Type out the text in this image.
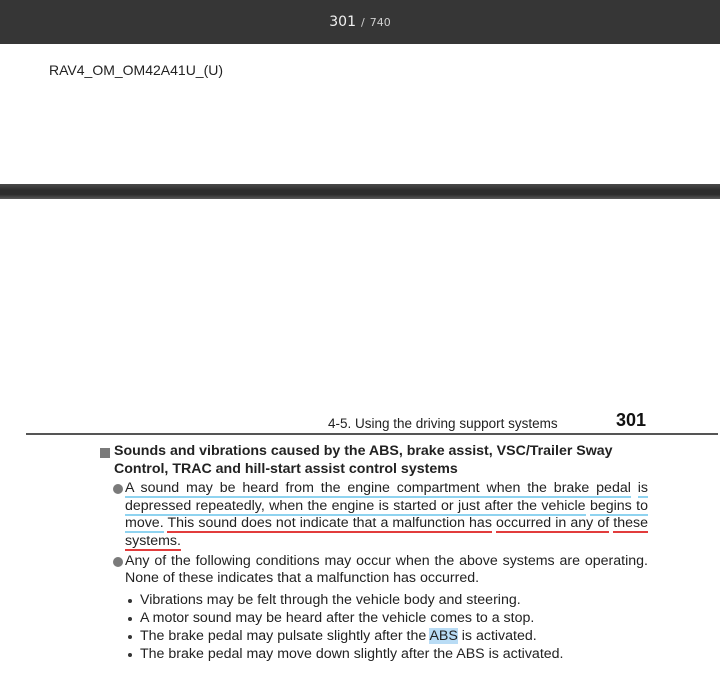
301 / 740
RAV4_OM_OM42A41U_(U)
4-5. Using the driving support systems	301
Sounds and vibrations caused by the ABS, brake assist, VSC/Trailer Sway Control, TRAC and hill-start assist control systems
A sound may be heard from the engine compartment when the brake pedal is depressed repeatedly, when the engine is started or just after the vehicle begins to move. This sound does not indicate that a malfunction has occurred in any of these systems.
Any of the following conditions may occur when the above systems are operating. None of these indicates that a malfunction has occurred.
Vibrations may be felt through the vehicle body and steering.
A motor sound may be heard after the vehicle comes to a stop.
The brake pedal may pulsate slightly after the ABS is activated.
The brake pedal may move down slightly after the ABS is activated.
